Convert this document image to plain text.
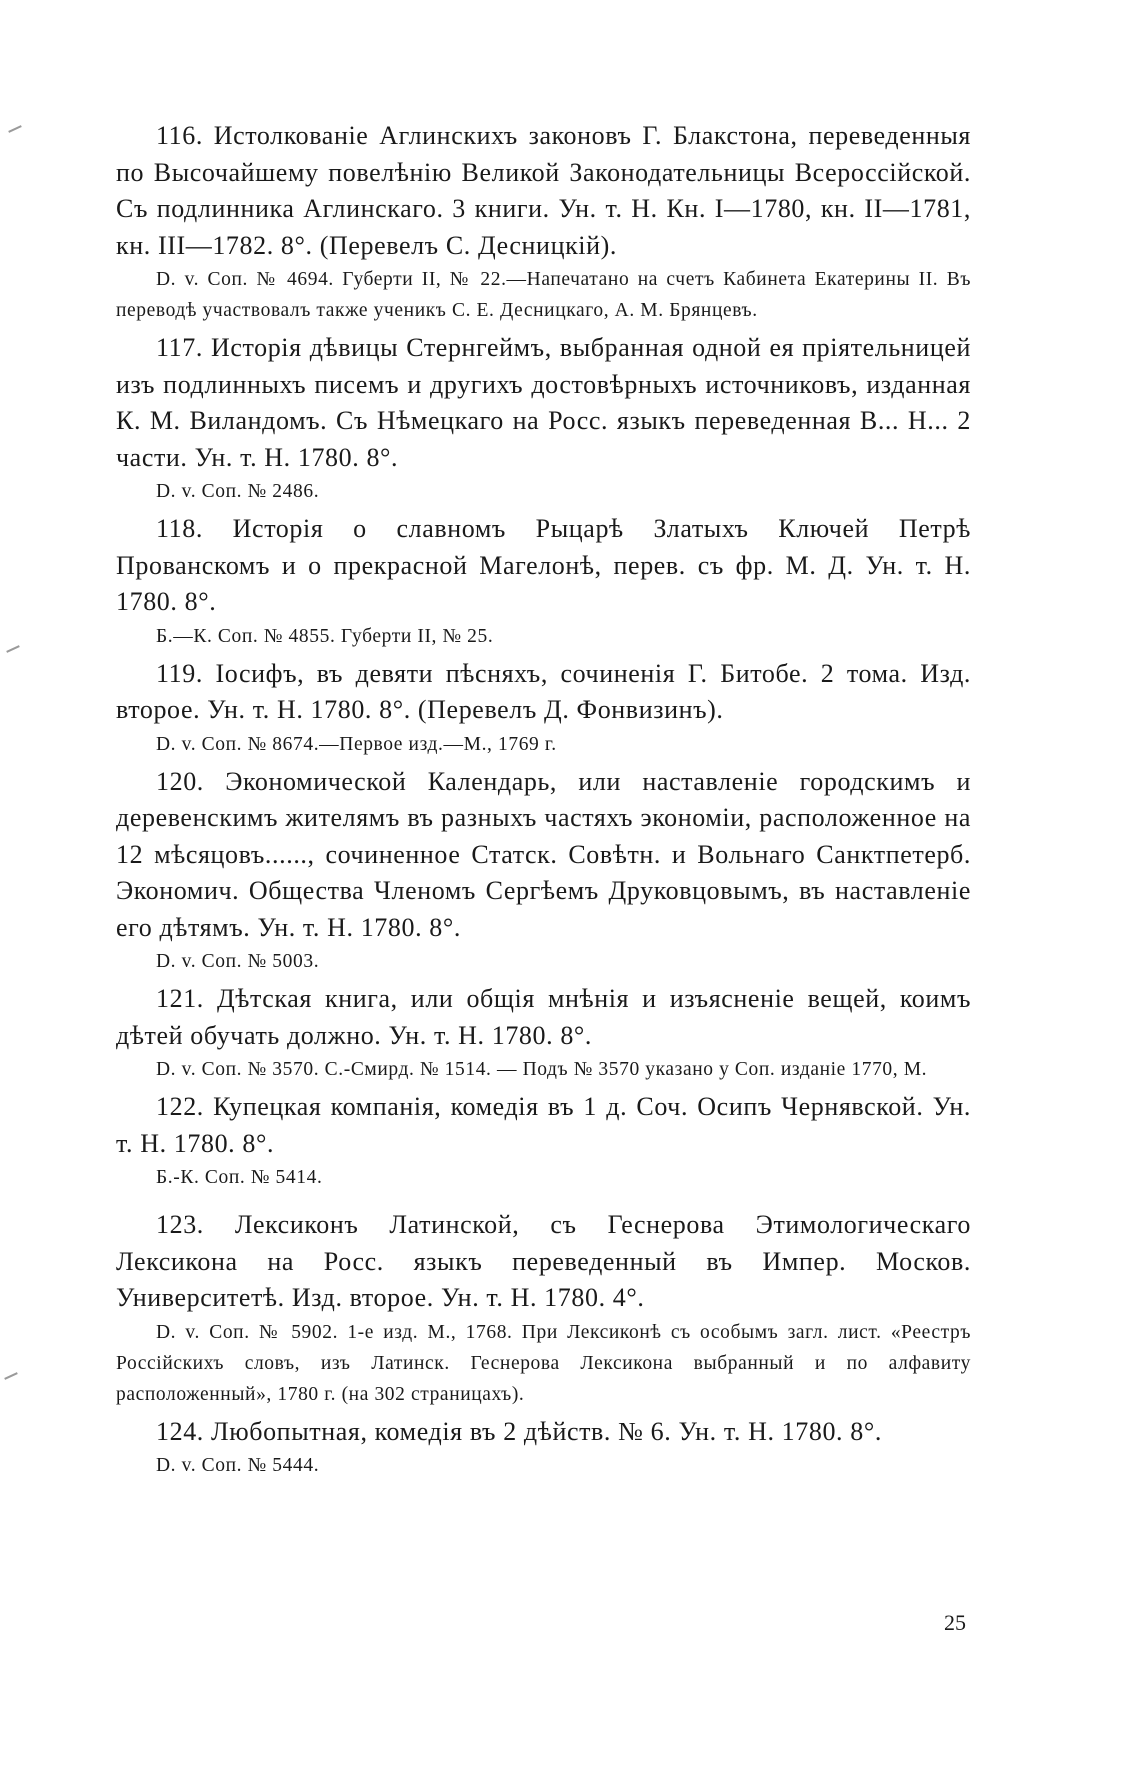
116. Истолкованіе Аглинскихъ законовъ Г. Блакстона, переведенныя по Высочайшему повелѣнію Великой Законодательницы Всероссійской. Съ подлинника Аглинскаго. 3 книги. Ун. т. Н. Кн. I—1780, кн. II—1781, кн. III—1782. 8°. (Перевелъ С. Десницкій).

D. v. Соп. № 4694. Губерти II, № 22.—Напечатано на счетъ Кабинета Екатерины II. Въ переводѣ участвовалъ также ученикъ С. Е. Десницкаго, А. М. Брянцевъ.

117. Исторія дѣвицы Стернгеймъ, выбранная одной ея пріятельницей изъ подлинныхъ писемъ и другихъ достовѣрныхъ источниковъ, изданная К. М. Виландомъ. Съ Нѣмецкаго на Росс. языкъ переведенная В... Н... 2 части. Ун. т. Н. 1780. 8°.

D. v. Соп. № 2486.

118. Исторія о славномъ Рыцарѣ Златыхъ Ключей Петрѣ Прованскомъ и о прекрасной Магелонѣ, перев. съ фр. М. Д. Ун. т. Н. 1780. 8°.

Б.—К. Соп. № 4855. Губерти II, № 25.

119. Іосифъ, въ девяти пѣсняхъ, сочиненія Г. Битобе. 2 тома. Изд. второе. Ун. т. Н. 1780. 8°. (Перевелъ Д. Фонвизинъ).

D. v. Соп. № 8674.—Первое изд.—М., 1769 г.

120. Экономической Календарь, или наставленіе городскимъ и деревенскимъ жителямъ въ разныхъ частяхъ экономіи, расположенное на 12 мѣсяцовъ......, сочиненное Статск. Совѣтн. и Вольнаго Санктпетерб. Экономич. Общества Членомъ Сергѣемъ Друковцовымъ, въ наставленіе его дѣтямъ. Ун. т. Н. 1780. 8°.

D. v. Соп. № 5003.

121. Дѣтская книга, или общія мнѣнія и изъясненіе вещей, коимъ дѣтей обучать должно. Ун. т. Н. 1780. 8°.

D. v. Соп. № 3570. С.-Смирд. № 1514. — Подъ № 3570 указано у Соп. изданіе 1770, М.

122. Купецкая компанія, комедія въ 1 д. Соч. Осипъ Чернявской. Ун. т. Н. 1780. 8°.

Б.-К. Соп. № 5414.

123. Лексиконъ Латинской, съ Геснерова Этимологическаго Лексикона на Росс. языкъ переведенный въ Импер. Москов. Университетѣ. Изд. второе. Ун. т. Н. 1780. 4°.

D. v. Соп. № 5902. 1-е изд. М., 1768. При Лексиконѣ съ особымъ загл. лист. «Реестръ Россійскихъ словъ, изъ Латинск. Геснерова Лексикона выбранный и по алфавиту расположенный», 1780 г. (на 302 страницахъ).

124. Любопытная, комедія въ 2 дѣйств. № 6. Ун. т. Н. 1780. 8°.

D. v. Соп. № 5444.

25
